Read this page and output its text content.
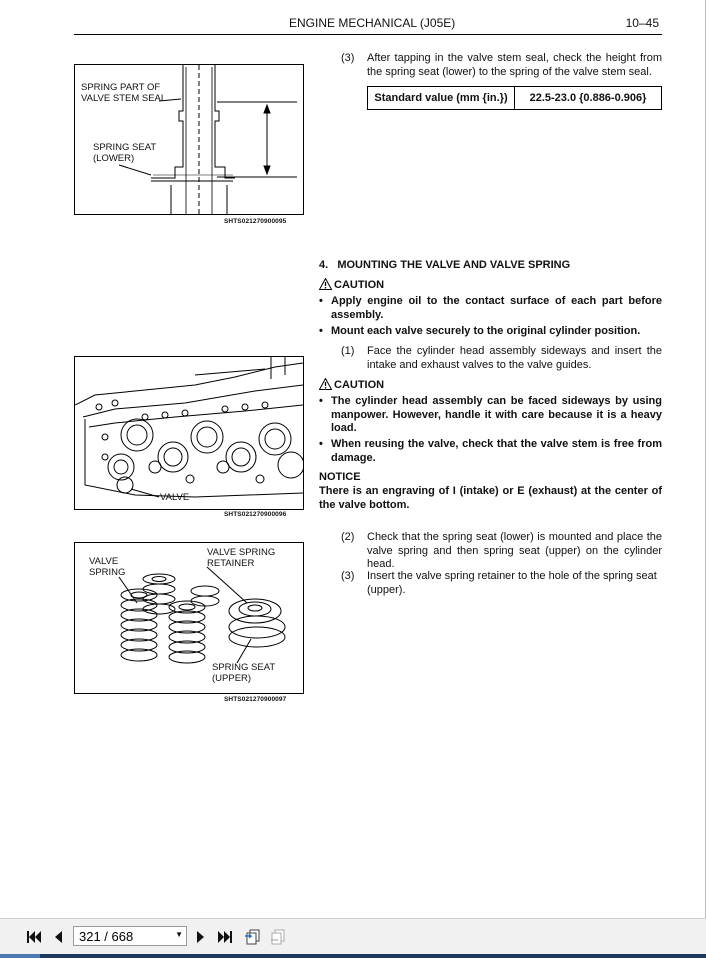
ENGINE MECHANICAL (J05E)	10–45
SPRING PART OF
VALVE STEM SEAL
SPRING SEAT
(LOWER)
SHTS021270900095
VALVE
SHTS021270900096
VALVE
SPRING
VALVE SPRING
RETAINER
SPRING SEAT
(UPPER)
SHTS021270900097
(3) After tapping in the valve stem seal, check the height from the spring seat (lower) to the spring of the valve stem seal.
Standard value (mm {in.})	22.5-23.0 {0.886-0.906}
4.   MOUNTING THE VALVE AND VALVE SPRING
CAUTION
• Apply engine oil to the contact surface of each part before assembly.
• Mount each valve securely to the original cylinder position.
(1) Face the cylinder head assembly sideways and insert the intake and exhaust valves to the valve guides.
CAUTION
• The cylinder head assembly can be faced sideways by using manpower. However, handle it with care because it is a heavy load.
• When reusing the valve, check that the valve stem is free from damage.
NOTICE
There is an engraving of I (intake) or E (exhaust) at the center of the valve bottom.
(2) Check that the spring seat (lower) is mounted and place the valve spring and then spring seat (upper) on the cylinder head.
(3) Insert the valve spring retainer to the hole of the spring seat (upper).
321 / 668
▼
